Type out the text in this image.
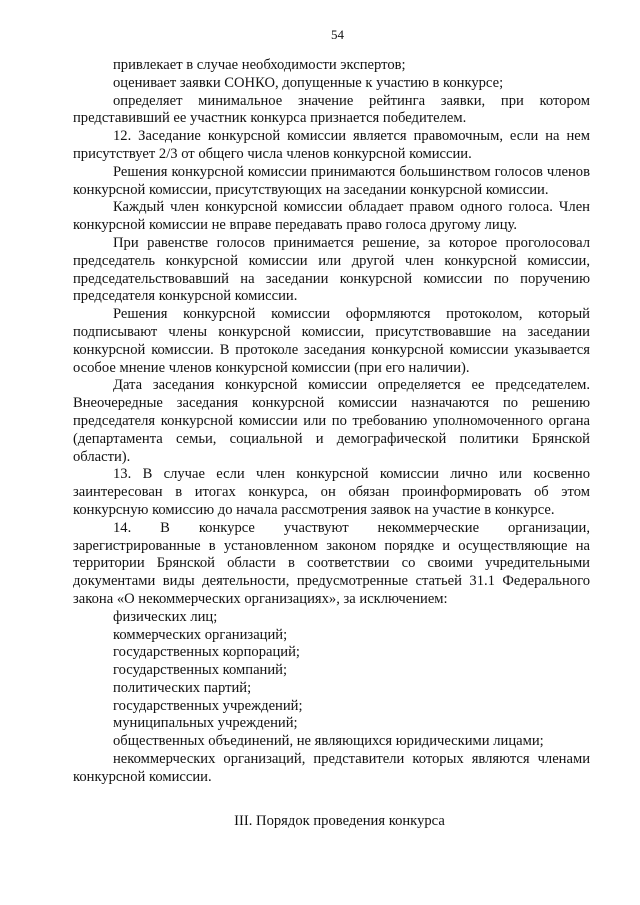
54
привлекает в случае необходимости экспертов;
оценивает заявки СОНКО, допущенные к участию в конкурсе;

определяет минимальное значение рейтинга заявки, при котором представивший ее участник конкурса признается победителем.

12. Заседание конкурсной комиссии является правомочным, если на нем присутствует 2/3 от общего числа членов конкурсной комиссии.

Решения конкурсной комиссии принимаются большинством голосов членов конкурсной комиссии, присутствующих на заседании конкурсной комиссии.

Каждый член конкурсной комиссии обладает правом одного голоса. Член конкурсной комиссии не вправе передавать право голоса другому лицу.

При равенстве голосов принимается решение, за которое проголосовал председатель конкурсной комиссии или другой член конкурсной комиссии, председательствовавший на заседании конкурсной комиссии по поручению председателя конкурсной комиссии.

Решения конкурсной комиссии оформляются протоколом, который подписывают члены конкурсной комиссии, присутствовавшие на заседании конкурсной комиссии. В протоколе заседания конкурсной комиссии указывается особое мнение членов конкурсной комиссии (при его наличии).

Дата заседания конкурсной комиссии определяется ее председателем. Внеочередные заседания конкурсной комиссии назначаются по решению председателя конкурсной комиссии или по требованию уполномоченного органа (департамента семьи, социальной и демографической политики Брянской области).

13. В случае если член конкурсной комиссии лично или косвенно заинтересован в итогах конкурса, он обязан проинформировать об этом конкурсную комиссию до начала рассмотрения заявок на участие в конкурсе.

14. В конкурсе участвуют некоммерческие организации, зарегистрированные в установленном законом порядке и осуществляющие на территории Брянской области в соответствии со своими учредительными документами виды деятельности, предусмотренные статьей 31.1 Федерального закона «О некоммерческих организациях», за исключением:

физических лиц;
коммерческих организаций;
государственных корпораций;
государственных компаний;
политических партий;
государственных учреждений;
муниципальных учреждений;
общественных объединений, не являющихся юридическими лицами;

некоммерческих организаций, представители которых являются членами конкурсной комиссии.

III. Порядок проведения конкурса
